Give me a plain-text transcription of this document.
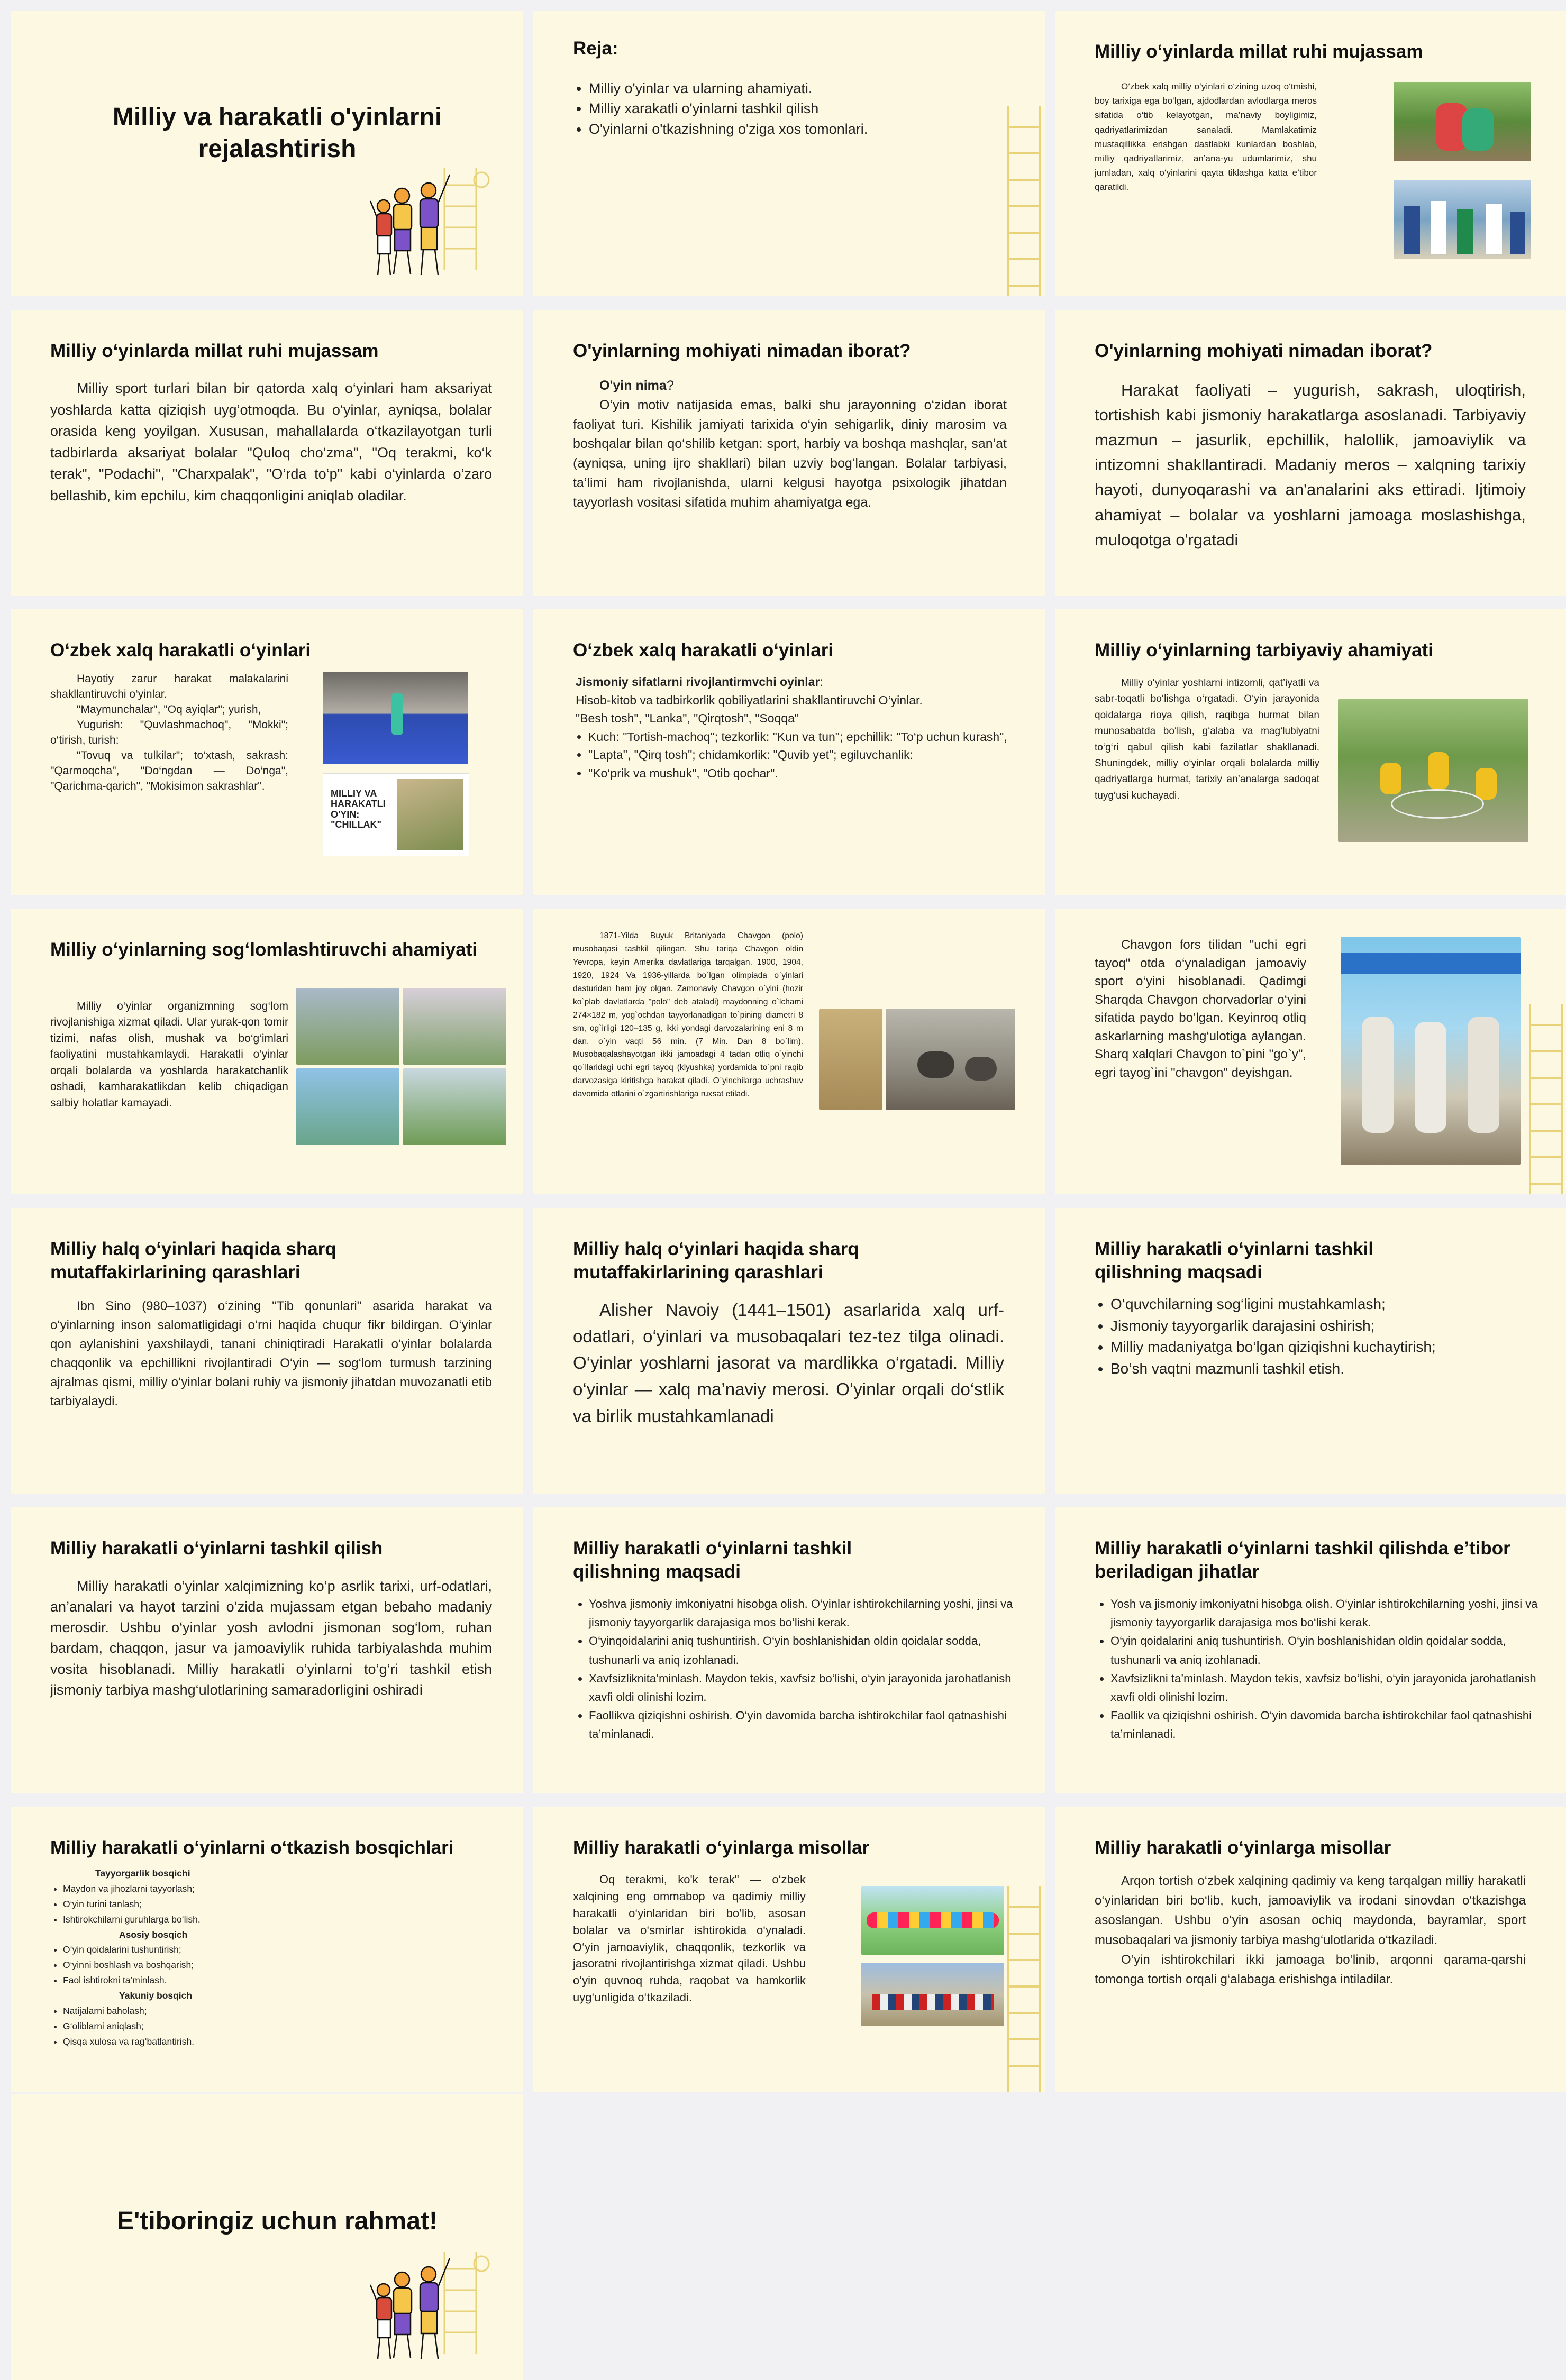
Milliy va harakatli o'yinlarni rejalashtirish
Reja:
• Milliy o'yinlar va ularning ahamiyati.
• Milliy xarakatli o'yinlarni tashkil qilish
• O'yinlarni o'tkazishning o'ziga xos tomonlari.
Milliy o‘yinlarda millat ruhi mujassam

O‘zbek xalq milliy o‘yinlari o‘zining uzoq o‘tmishi, boy tarixiga ega bo‘lgan, ajdodlardan avlodlarga meros sifatida o‘tib kelayotgan, ma’naviy boyligimiz, qadriyatlarimizdan sanaladi. Mamlakatimiz mustaqillikka erishgan dastlabki kunlardan boshlab, milliy qadriyatlarimiz, an’ana-yu udumlarimiz, shu jumladan, xalq o‘yinlarini qayta tiklashga katta e’tibor qaratildi.

Milliy o‘yinlarda millat ruhi mujassam

Milliy sport turlari bilan bir qatorda xalq o‘yinlari ham aksariyat yoshlarda katta qiziqish uyg‘otmoqda. Bu o‘yinlar, ayniqsa, bolalar orasida keng yoyilgan. Xususan, mahallalarda o‘tkazilayotgan turli tadbirlarda aksariyat bolalar "Quloq cho‘zma", "Oq terakmi, ko‘k terak", "Podachi", "Charxpalak", "O‘rda to‘p" kabi o‘yinlarda o‘zaro bellashib, kim epchilu, kim chaqqonligini aniqlab oladilar.

O'yinlarning mohiyati nimadan iborat?

O'yin nima?

O‘yin motiv natijasida emas, balki shu jarayonning o‘zidan iborat faoliyat turi. Kishilik jamiyati tarixida o‘yin sehigarlik, diniy marosim va boshqalar bilan qo‘shilib ketgan: sport, harbiy va boshqa mashqlar, san’at (ayniqsa, uning ijro shakllari) bilan uzviy bog‘langan. Bolalar tarbiyasi, ta’limi ham rivojlanishda, ularni kelgusi hayotga psixologik jihatdan tayyorlash vositasi sifatida muhim ahamiyatga ega.

O'yinlarning mohiyati nimadan iborat?

Harakat faoliyati – yugurish, sakrash, uloqtirish, tortishish kabi jismoniy harakatlarga asoslanadi. Tarbiyaviy mazmun – jasurlik, epchillik, halollik, jamoaviylik va intizomni shakllantiradi. Madaniy meros – xalqning tarixiy hayoti, dunyoqarashi va an'analarini aks ettiradi. Ijtimoiy ahamiyat – bolalar va yoshlarni jamoaga moslashishga, muloqotga o'rgatadi

O‘zbek xalq harakatli o‘yinlari

Hayotiy zarur harakat malakalarini shakllantiruvchi o‘yinlar.

"Maymunchalar", "Oq ayiqlar"; yurish,

Yugurish: "Quvlashmachoq", "Mokki"; o‘tirish, turish:

"Tovuq va tulkilar"; to‘xtash, sakrash: "Qarmoqcha", "Do‘ngdan — Do‘nga", "Qarichma-qarich", "Mokisimon sakrashlar".

MILLIY VA HARAKATLI O'YIN: "CHILLAK"
O‘zbek xalq harakatli o‘yinlari

Jismoniy sifatlarni rivojlantirmvchi oyinlar:

Hisob-kitob va tadbirkorlik qobiliyatlarini shakllantiruvchi O‘yinlar.

"Besh tosh", "Lanka", "Qirqtosh", "Soqqa"

• Kuch: "Tortish-machoq"; tezkorlik: "Kun va tun"; epchillik: "To‘p uchun kurash",
• "Lapta", "Qirq tosh"; chidamkorlik: "Quvib yet"; egiluvchanlik:
• "Ko‘prik va mushuk", "Otib qochar".
Milliy o‘yinlarning tarbiyaviy ahamiyati

Milliy o‘yinlar yoshlarni intizomli, qat’iyatli va sabr-toqatli bo‘lishga o‘rgatadi. O‘yin jarayonida qoidalarga rioya qilish, raqibga hurmat bilan munosabatda bo‘lish, g‘alaba va mag‘lubiyatni to‘g‘ri qabul qilish kabi fazilatlar shakllanadi. Shuningdek, milliy o‘yinlar orqali bolalarda milliy qadriyatlarga hurmat, tarixiy an’analarga sadoqat tuyg‘usi kuchayadi.

Milliy o‘yinlarning sog‘lomlashtiruvchi ahamiyati

Milliy o‘yinlar organizmning sog‘lom rivojlanishiga xizmat qiladi. Ular yurak-qon tomir tizimi, nafas olish, mushak va bo‘g‘imlari faoliyatini mustahkamlaydi. Harakatli o‘yinlar orqali bolalarda va yoshlarda harakatchanlik oshadi, kamharakatlikdan kelib chiqadigan salbiy holatlar kamayadi.

1871-Yilda Buyuk Britaniyada Chavgon (polo) musobaqasi tashkil qilingan. Shu tariqa Chavgon oldin Yevropa, keyin Amerika davlatlariga tarqalgan. 1900, 1904, 1920, 1924 Va 1936-yillarda bo`lgan olimpiada o`yinlari dasturidan ham joy olgan. Zamonaviy Chavgon o`yini (hozir ko`plab davlatlarda "polo" deb ataladi) maydonning o`lchami 274×182 m, yog`ochdan tayyorlanadigan to`pining diametri 8 sm, og`irligi 120–135 g, ikki yondagi darvozalarining eni 8 m dan, o`yin vaqti 56 min. (7 Min. Dan 8 bo`lim). Musobaqalashayotgan ikki jamoadagi 4 tadan otliq o`yinchi qo`llaridagi uchi egri tayoq (klyushka) yordamida to`pni raqib darvozasiga kiritishga harakat qiladi. O`yinchilarga uchrashuv davomida otlarini o`zgartirishlariga ruxsat etiladi.

Chavgon fors tilidan "uchi egri tayoq" otda o‘ynaladigan jamoaviy sport o‘yini hisoblanadi. Qadimgi Sharqda Chavgon chorvadorlar o‘yini sifatida paydo bo‘lgan. Keyinroq otliq askarlarning mashg‘ulotiga aylangan. Sharq xalqlari Chavgon to`pini "go`y", egri tayog`ini "chavgon" deyishgan.

Milliy halq o‘yinlari haqida sharq mutaffakirlarining qarashlari

Ibn Sino (980–1037) o‘zining "Tib qonunlari" asarida harakat va o‘yinlarning inson salomatligidagi o‘rni haqida chuqur fikr bildirgan. O‘yinlar qon aylanishini yaxshilaydi, tanani chiniqtiradi Harakatli o‘yinlar bolalarda chaqqonlik va epchillikni rivojlantiradi O‘yin — sog‘lom turmush tarzining ajralmas qismi, milliy o‘yinlar bolani ruhiy va jismoniy jihatdan muvozanatli etib tarbiyalaydi.

Milliy halq o‘yinlari haqida sharq mutaffakirlarining qarashlari

Alisher Navoiy (1441–1501) asarlarida xalq urf-odatlari, o‘yinlari va musobaqalari tez-tez tilga olinadi. O‘yinlar yoshlarni jasorat va mardlikka o‘rgatadi. Milliy o‘yinlar — xalq ma’naviy merosi. O‘yinlar orqali do‘stlik va birlik mustahkamlanadi

Milliy harakatli o‘yinlarni tashkil qilishning maqsadi
• O‘quvchilarning sog‘ligini mustahkamlash;
• Jismoniy tayyorgarlik darajasini oshirish;
• Milliy madaniyatga bo‘lgan qiziqishni kuchaytirish;
• Bo‘sh vaqtni mazmunli tashkil etish.
Milliy harakatli o‘yinlarni tashkil qilish

Milliy harakatli o‘yinlar xalqimizning ko‘p asrlik tarixi, urf-odatlari, an’analari va hayot tarzini o‘zida mujassam etgan bebaho madaniy merosdir. Ushbu o‘yinlar yosh avlodni jismonan sog‘lom, ruhan bardam, chaqqon, jasur va jamoaviylik ruhida tarbiyalashda muhim vosita hisoblanadi. Milliy harakatli o‘yinlarni to‘g‘ri tashkil etish jismoniy tarbiya mashg‘ulotlarining samaradorligini oshiradi

Milliy harakatli o‘yinlarni tashkil qilishning maqsadi
• Yoshva jismoniy imkoniyatni hisobga olish. O‘yinlar ishtirokchilarning yoshi, jinsi va jismoniy tayyorgarlik darajasiga mos bo‘lishi kerak.
• O‘yinqoidalarini aniq tushuntirish. O‘yin boshlanishidan oldin qoidalar sodda, tushunarli va aniq izohlanadi.
• Xavfsizliknita’minlash. Maydon tekis, xavfsiz bo‘lishi, o‘yin jarayonida jarohatlanish xavfi oldi olinishi lozim.
• Faollikva qiziqishni oshirish. O‘yin davomida barcha ishtirokchilar faol qatnashishi ta’minlanadi.
Milliy harakatli o‘yinlarni tashkil qilishda e’tibor beriladigan jihatlar
• Yosh va jismoniy imkoniyatni hisobga olish. O‘yinlar ishtirokchilarning yoshi, jinsi va jismoniy tayyorgarlik darajasiga mos bo‘lishi kerak.
• O‘yin qoidalarini aniq tushuntirish. O‘yin boshlanishidan oldin qoidalar sodda, tushunarli va aniq izohlanadi.
• Xavfsizlikni ta’minlash. Maydon tekis, xavfsiz bo‘lishi, o‘yin jarayonida jarohatlanish xavfi oldi olinishi lozim.
• Faollik va qiziqishni oshirish. O‘yin davomida barcha ishtirokchilar faol qatnashishi ta’minlanadi.
Milliy harakatli o‘yinlarni o‘tkazish bosqichlari

Tayyorgarlik bosqichi

• Maydon va jihozlarni tayyorlash;
• O‘yin turini tanlash;
• Ishtirokchilarni guruhlarga bo‘lish.

Asosiy bosqich

• O‘yin qoidalarini tushuntirish;
• O‘yinni boshlash va boshqarish;
• Faol ishtirokni ta’minlash.

Yakuniy bosqich

• Natijalarni baholash;
• G‘oliblarni aniqlash;
• Qisqa xulosa va rag‘batlantirish.
Milliy harakatli o‘yinlarga misollar

Oq terakmi, ko'k terak" — o‘zbek xalqining eng ommabop va qadimiy milliy harakatli o‘yinlaridan biri bo‘lib, asosan bolalar va o‘smirlar ishtirokida o‘ynaladi. O‘yin jamoaviylik, chaqqonlik, tezkorlik va jasoratni rivojlantirishga xizmat qiladi. Ushbu o‘yin quvnoq ruhda, raqobat va hamkorlik uyg‘unligida o‘tkaziladi.

Milliy harakatli o‘yinlarga misollar

Arqon tortish o‘zbek xalqining qadimiy va keng tarqalgan milliy harakatli o‘yinlaridan biri bo‘lib, kuch, jamoaviylik va irodani sinovdan o‘tkazishga asoslangan. Ushbu o‘yin asosan ochiq maydonda, bayramlar, sport musobaqalari va jismoniy tarbiya mashg‘ulotlarida o‘tkaziladi.

O‘yin ishtirokchilari ikki jamoaga bo‘linib, arqonni qarama-qarshi tomonga tortish orqali g‘alabaga erishishga intiladilar.

E'tiboringiz uchun rahmat!
